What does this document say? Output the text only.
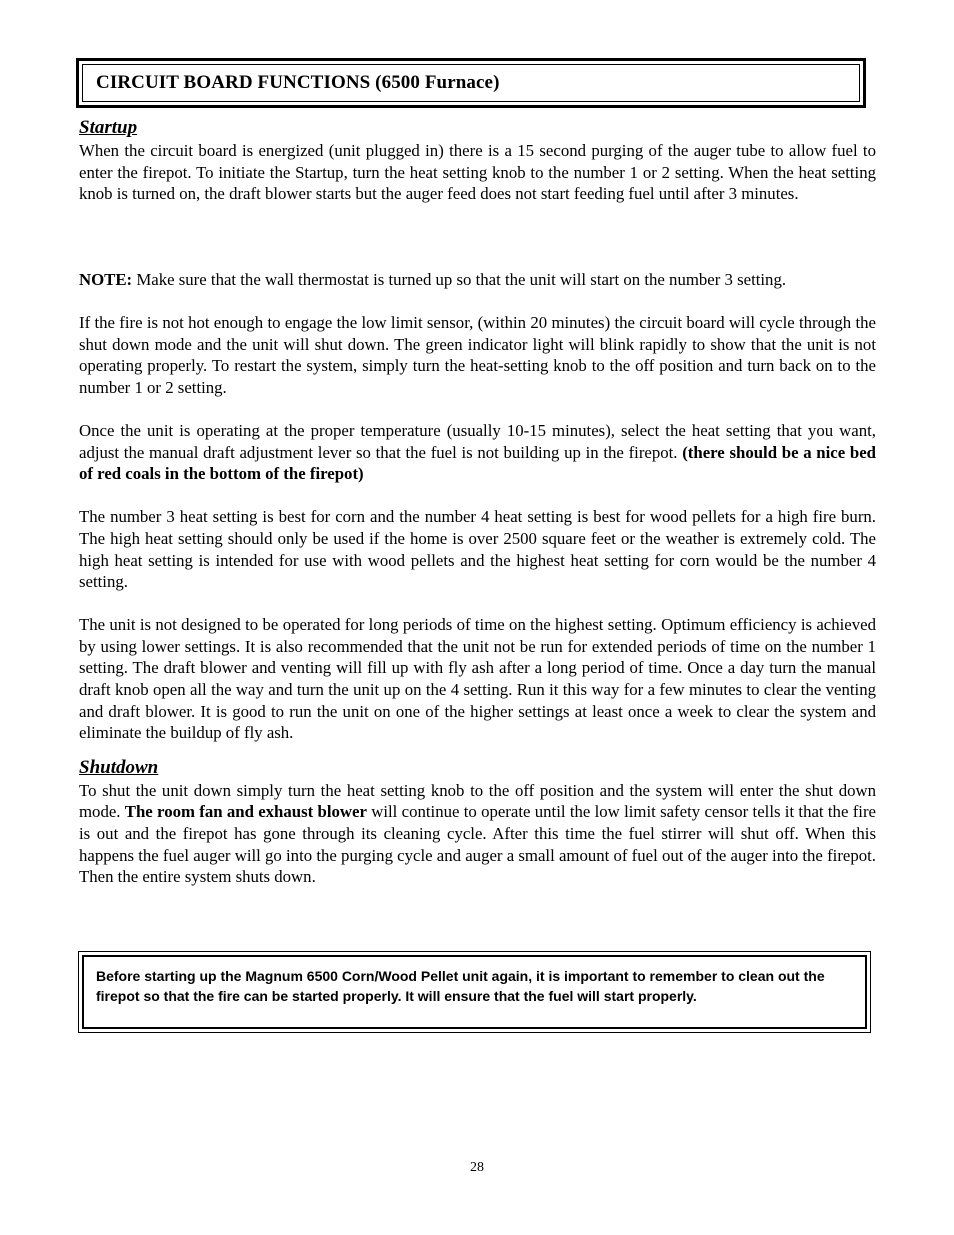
CIRCUIT BOARD FUNCTIONS (6500 Furnace)
Startup

When the circuit board is energized (unit plugged in) there is a 15 second purging of the auger tube to allow fuel to enter the firepot. To initiate the Startup, turn the heat setting knob to the number 1 or 2 setting. When the heat setting knob is turned on, the draft blower starts but the auger feed does not start feeding fuel until after 3 minutes.

NOTE: Make sure that the wall thermostat is turned up so that the unit will start on the number 3 setting.

If the fire is not hot enough to engage the low limit sensor, (within 20 minutes) the circuit board will cycle through the shut down mode and the unit will shut down. The green indicator light will blink rapidly to show that the unit is not operating properly. To restart the system, simply turn the heat-setting knob to the off position and turn back on to the number 1 or 2 setting.

Once the unit is operating at the proper temperature (usually 10-15 minutes), select the heat setting that you want, adjust the manual draft adjustment lever so that the fuel is not building up in the firepot. (there should be a nice bed of red coals in the bottom of the firepot)

The number 3 heat setting is best for corn and the number 4 heat setting is best for wood pellets for a high fire burn. The high heat setting should only be used if the home is over 2500 square feet or the weather is extremely cold. The high heat setting is intended for use with wood pellets and the highest heat setting for corn would be the number 4 setting.

The unit is not designed to be operated for long periods of time on the highest setting. Optimum efficiency is achieved by using lower settings. It is also recommended that the unit not be run for extended periods of time on the number 1 setting. The draft blower and venting will fill up with fly ash after a long period of time. Once a day turn the manual draft knob open all the way and turn the unit up on the 4 setting. Run it this way for a few minutes to clear the venting and draft blower. It is good to run the unit on one of the higher settings at least once a week to clear the system and eliminate the buildup of fly ash.

Shutdown

To shut the unit down simply turn the heat setting knob to the off position and the system will enter the shut down mode. The room fan and exhaust blower will continue to operate until the low limit safety censor tells it that the fire is out and the firepot has gone through its cleaning cycle. After this time the fuel stirrer will shut off. When this happens the fuel auger will go into the purging cycle and auger a small amount of fuel out of the auger into the firepot. Then the entire system shuts down.

Before starting up the Magnum 6500 Corn/Wood Pellet unit again, it is important to remember to clean out the firepot so that the fire can be started properly. It will ensure that the fuel will start properly.
28
